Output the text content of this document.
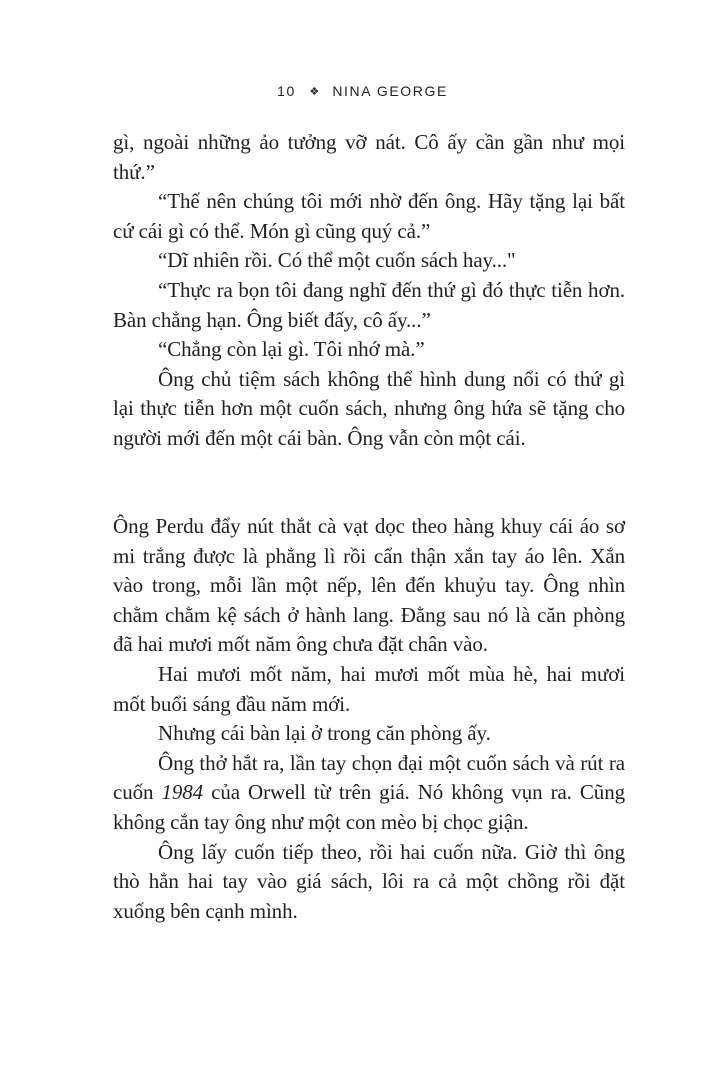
10 ❖ NINA GEORGE

gì, ngoài những ảo tưởng vỡ nát. Cô ấy cần gần như mọi thứ.”

“Thế nên chúng tôi mới nhờ đến ông. Hãy tặng lại bất cứ cái gì có thể. Món gì cũng quý cả.”

“Dĩ nhiên rồi. Có thể một cuốn sách hay..."

“Thực ra bọn tôi đang nghĩ đến thứ gì đó thực tiễn hơn. Bàn chẳng hạn. Ông biết đấy, cô ấy...”

“Chẳng còn lại gì. Tôi nhớ mà.”

Ông chủ tiệm sách không thể hình dung nổi có thứ gì lại thực tiễn hơn một cuốn sách, nhưng ông hứa sẽ tặng cho người mới đến một cái bàn. Ông vẫn còn một cái.

Ông Perdu đẩy nút thắt cà vạt dọc theo hàng khuy cái áo sơ mi trắng được là phẳng lì rồi cẩn thận xắn tay áo lên. Xắn vào trong, mỗi lần một nếp, lên đến khuỷu tay. Ông nhìn chằm chằm kệ sách ở hành lang. Đằng sau nó là căn phòng đã hai mươi mốt năm ông chưa đặt chân vào.

Hai mươi mốt năm, hai mươi mốt mùa hè, hai mươi mốt buổi sáng đầu năm mới.

Nhưng cái bàn lại ở trong căn phòng ấy.

Ông thở hắt ra, lần tay chọn đại một cuốn sách và rút ra cuốn 1984 của Orwell từ trên giá. Nó không vụn ra. Cũng không cắn tay ông như một con mèo bị chọc giận.

Ông lấy cuốn tiếp theo, rồi hai cuốn nữa. Giờ thì ông thò hẳn hai tay vào giá sách, lôi ra cả một chồng rồi đặt xuống bên cạnh mình.
